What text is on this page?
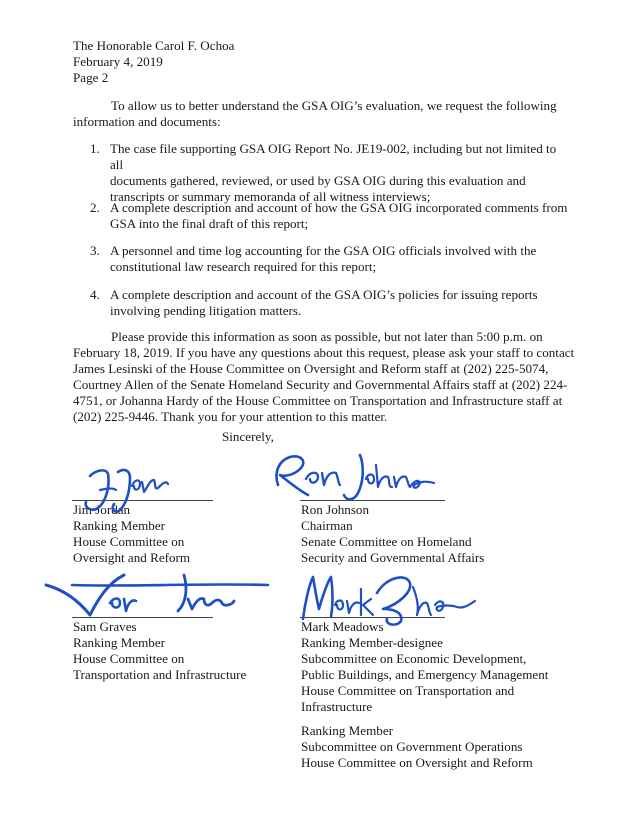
The Honorable Carol F. Ochoa
February 4, 2019
Page 2
To allow us to better understand the GSA OIG’s evaluation, we request the following information and documents:
1. The case file supporting GSA OIG Report No. JE19-002, including but not limited to all
documents gathered, reviewed, or used by GSA OIG during this evaluation and
transcripts or summary memoranda of all witness interviews;
2. A complete description and account of how the GSA OIG incorporated comments from
GSA into the final draft of this report;
3. A personnel and time log accounting for the GSA OIG officials involved with the
constitutional law research required for this report;
4. A complete description and account of the GSA OIG’s policies for issuing reports
involving pending litigation matters.
Please provide this information as soon as possible, but not later than 5:00 p.m. on
February 18, 2019. If you have any questions about this request, please ask your staff to contact
James Lesinski of the House Committee on Oversight and Reform staff at (202) 225-5074,
Courtney Allen of the Senate Homeland Security and Governmental Affairs staff at (202) 224-
4751, or Johanna Hardy of the House Committee on Transportation and Infrastructure staff at
(202) 225-9446. Thank you for your attention to this matter.
Sincerely,
Jim Jordan
Ranking Member
House Committee on
Oversight and Reform
Ron Johnson
Chairman
Senate Committee on Homeland
Security and Governmental Affairs
Sam Graves
Ranking Member
House Committee on
Transportation and Infrastructure
Mark Meadows
Ranking Member-designee
Subcommittee on Economic Development,
Public Buildings, and Emergency Management
House Committee on Transportation and
Infrastructure
Ranking Member
Subcommittee on Government Operations
House Committee on Oversight and Reform
